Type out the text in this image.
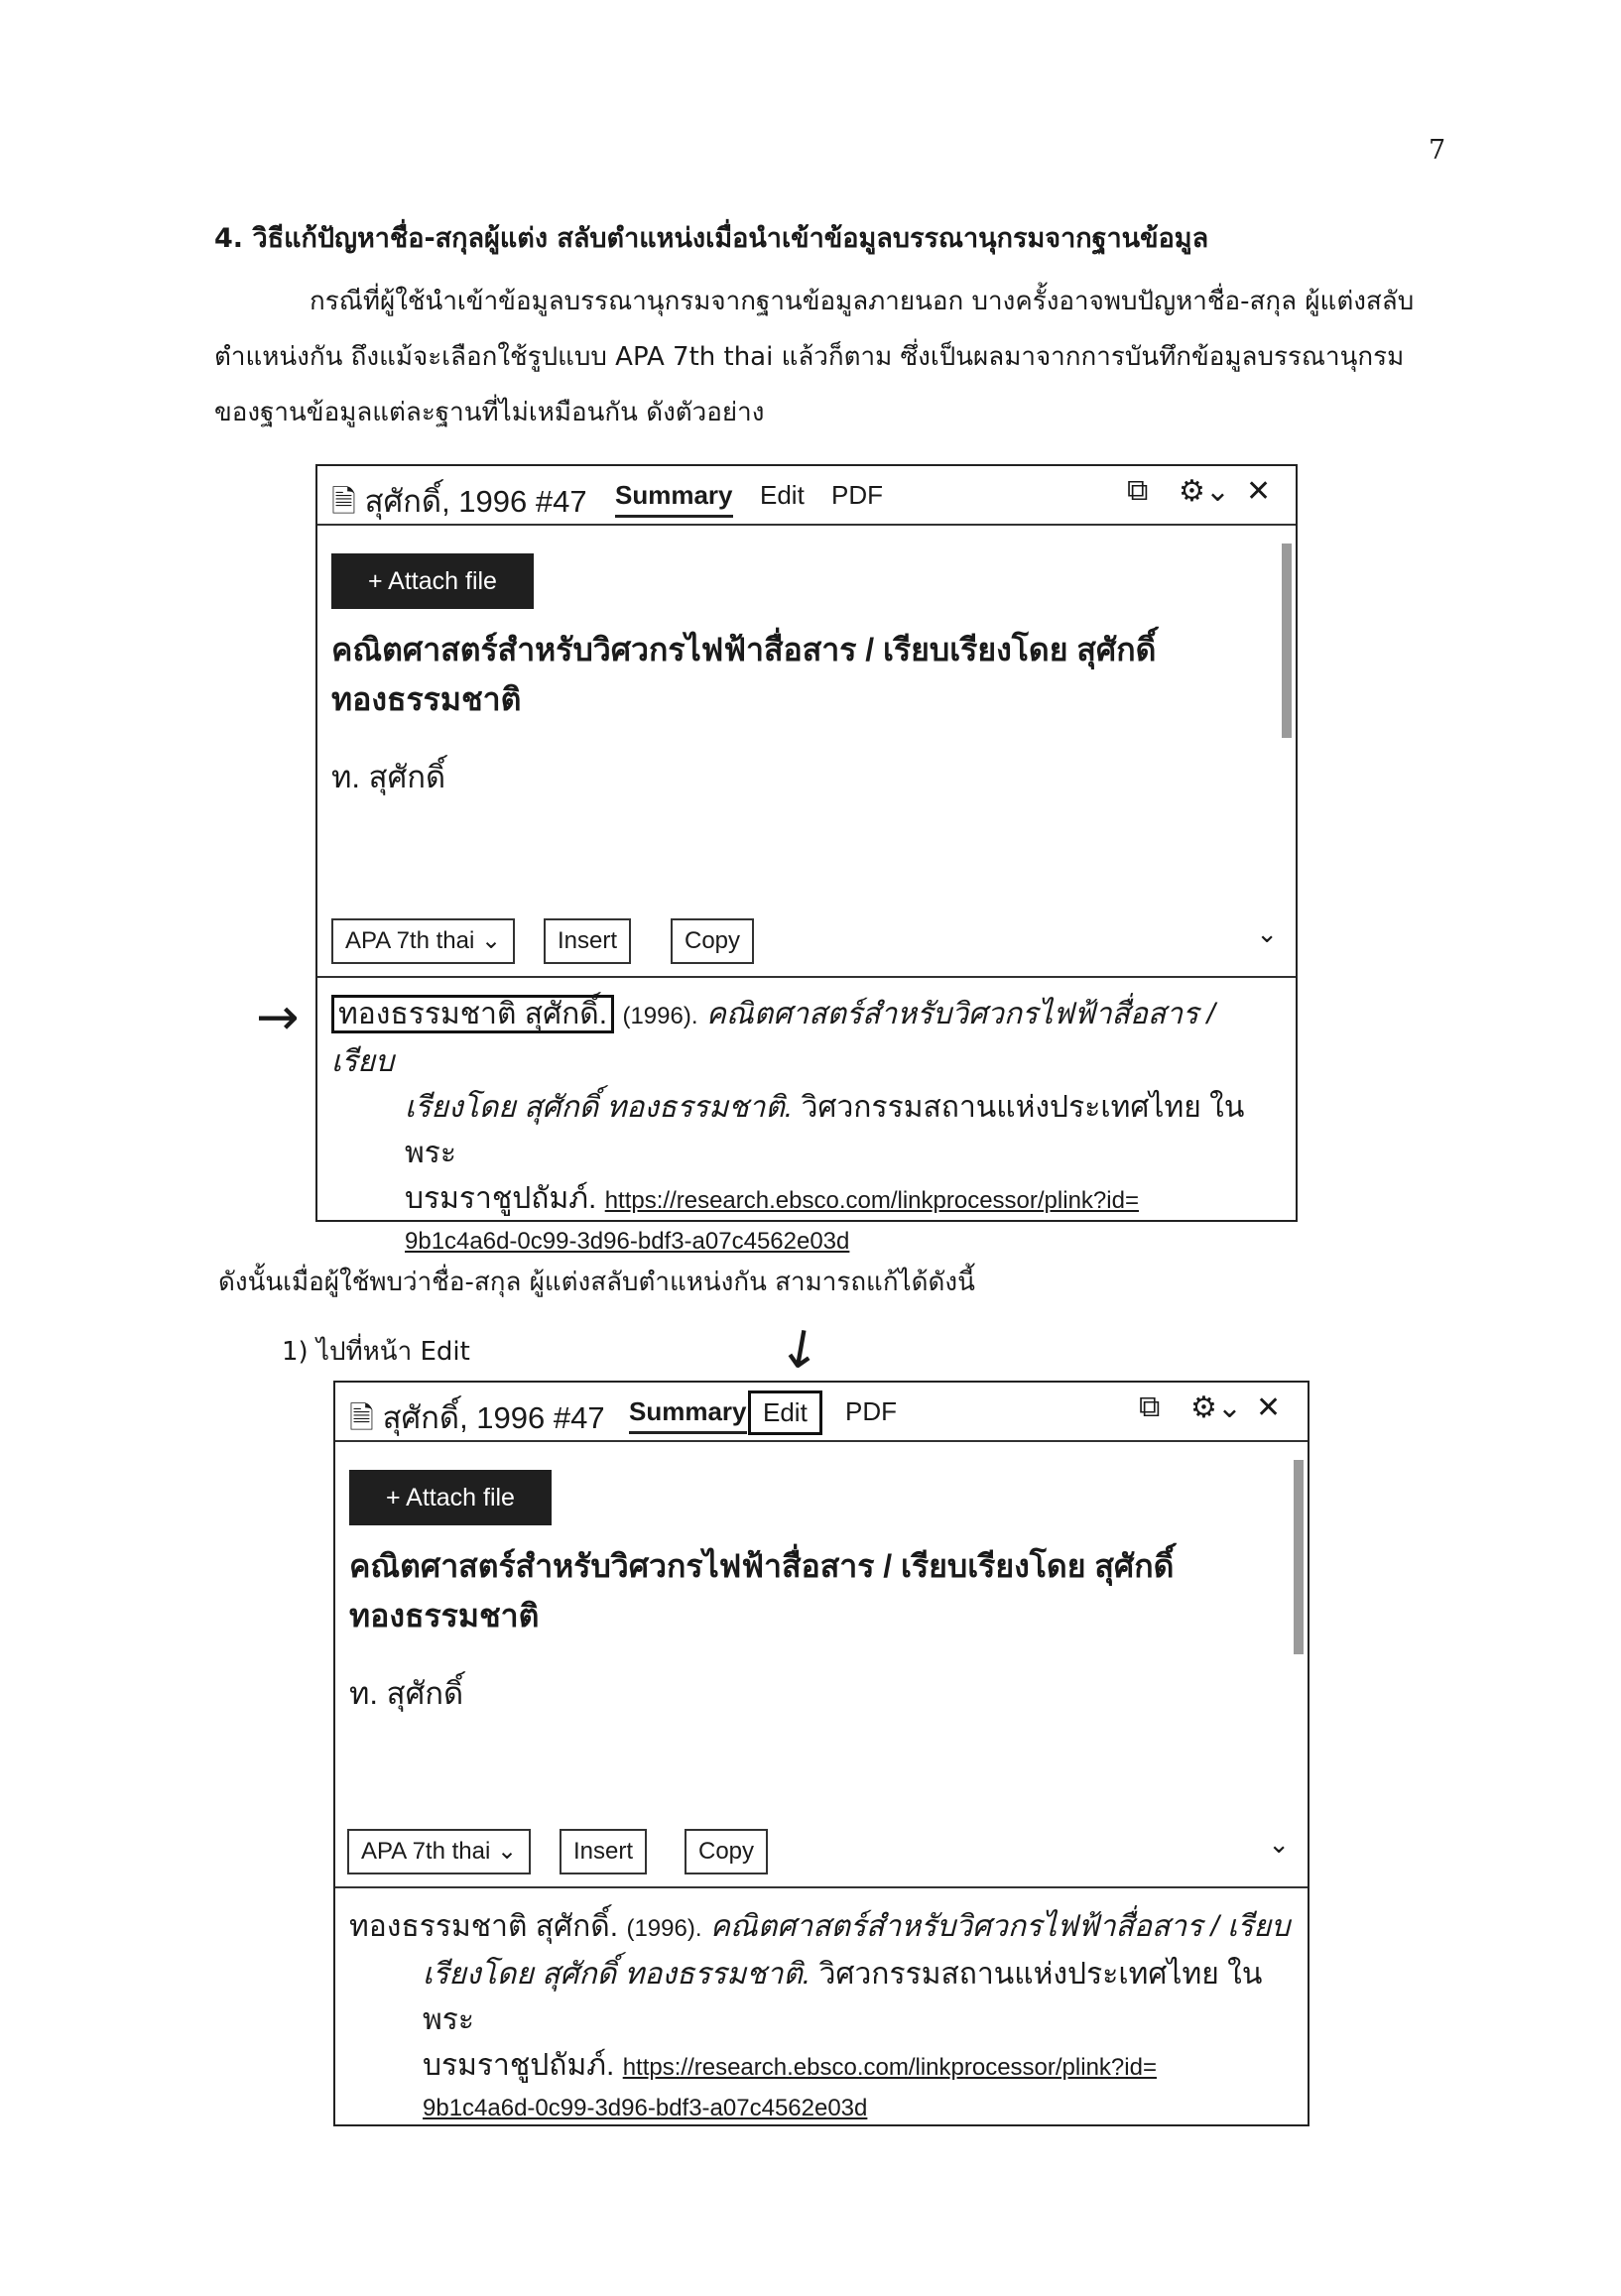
7
4. วิธีแก้ปัญหาชื่อ-สกุลผู้แต่ง สลับตำแหน่งเมื่อนำเข้าข้อมูลบรรณานุกรมจากฐานข้อมูล
กรณีที่ผู้ใช้นำเข้าข้อมูลบรรณานุกรมจากฐานข้อมูลภายนอก บางครั้งอาจพบปัญหาชื่อ-สกุล ผู้แต่งสลับ
ตำแหน่งกัน ถึงแม้จะเลือกใช้รูปแบบ APA 7th thai แล้วก็ตาม ซึ่งเป็นผลมาจากการบันทึกข้อมูลบรรณานุกรม
ของฐานข้อมูลแต่ละฐานที่ไม่เหมือนกัน ดังตัวอย่าง
🗎 สุศักดิ์, 1996 #47 Summary Edit PDF	⧉ ⚙⌄ ✕
+ Attach file
คณิตศาสตร์สำหรับวิศวกรไฟฟ้าสื่อสาร / เรียบเรียงโดย สุศักดิ์
ทองธรรมชาติ
ท. สุศักดิ์
APA 7th thai ⌄	Insert	Copy	⌄
ทองธรรมชาติ สุศักดิ์. (1996). คณิตศาสตร์สำหรับวิศวกรไฟฟ้าสื่อสาร / เรียบ
เรียงโดย สุศักดิ์ ทองธรรมชาติ. วิศวกรรมสถานแห่งประเทศไทย ในพระ
บรมราชูปถัมภ์. https://research.ebsco.com/linkprocessor/plink?id=
9b1c4a6d-0c99-3d96-bdf3-a07c4562e03d
→
ดังนั้นเมื่อผู้ใช้พบว่าชื่อ-สกุล ผู้แต่งสลับตำแหน่งกัน สามารถแก้ได้ดังนี้
1) ไปที่หน้า Edit	→
🗎 สุศักดิ์, 1996 #47 Summary Edit	PDF	⧉ ⚙⌄ ✕
+ Attach file
คณิตศาสตร์สำหรับวิศวกรไฟฟ้าสื่อสาร / เรียบเรียงโดย สุศักดิ์
ทองธรรมชาติ
ท. สุศักดิ์
APA 7th thai ⌄	Insert	Copy	⌄
ทองธรรมชาติ สุศักดิ์. (1996). คณิตศาสตร์สำหรับวิศวกรไฟฟ้าสื่อสาร / เรียบ
เรียงโดย สุศักดิ์ ทองธรรมชาติ. วิศวกรรมสถานแห่งประเทศไทย ในพระ
บรมราชูปถัมภ์. https://research.ebsco.com/linkprocessor/plink?id=
9b1c4a6d-0c99-3d96-bdf3-a07c4562e03d
